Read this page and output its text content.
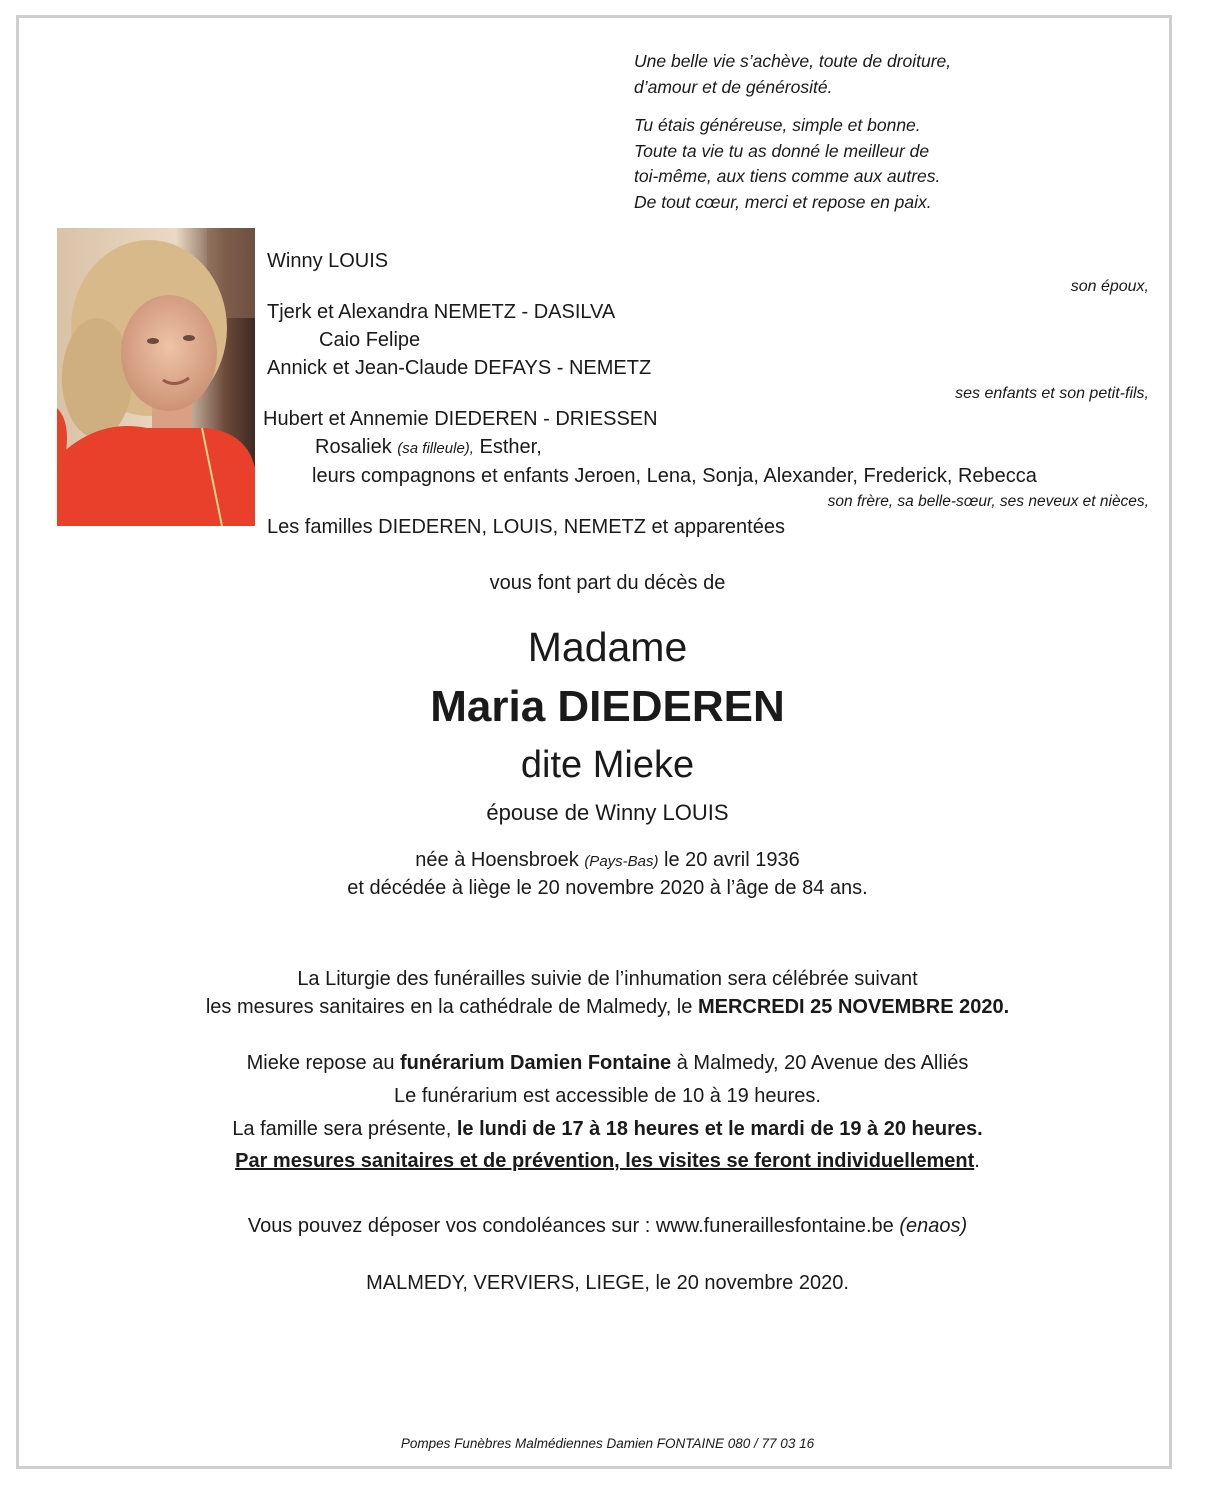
Une belle vie s’achève, toute de droiture,

d’amour et de générosité.

Tu étais généreuse, simple et bonne.

Toute ta vie tu as donné le meilleur de

toi-même, aux tiens comme aux autres.

De tout cœur, merci et repose en paix.

Winny LOUIS
son époux,
Tjerk et Alexandra NEMETZ - DASILVA
Caio Felipe
Annick et Jean-Claude DEFAYS - NEMETZ
ses enfants et son petit-fils,
Hubert et Annemie DIEDEREN - DRIESSEN
Rosaliek (sa filleule), Esther,
leurs compagnons et enfants Jeroen, Lena, Sonja, Alexander, Frederick, Rebecca
son frère, sa belle-sœur, ses neveux et nièces,
Les familles DIEDEREN, LOUIS, NEMETZ et apparentées
vous font part du décès de
Madame
Maria DIEDEREN
dite Mieke
épouse de Winny LOUIS
née à Hoensbroek (Pays-Bas) le 20 avril 1936
et décédée à liège le 20 novembre 2020 à l’âge de 84 ans.
La Liturgie des funérailles suivie de l’inhumation sera célébrée suivant
les mesures sanitaires en la cathédrale de Malmedy, le MERCREDI 25 NOVEMBRE 2020.
Mieke repose au funérarium Damien Fontaine à Malmedy, 20 Avenue des Alliés
Le funérarium est accessible de 10 à 19 heures.
La famille sera présente, le lundi de 17 à 18 heures et le mardi de 19 à 20 heures.
Par mesures sanitaires et de prévention, les visites se feront individuellement.
Vous pouvez déposer vos condoléances sur : www.funeraillesfontaine.be (enaos)
MALMEDY, VERVIERS, LIEGE, le 20 novembre 2020.
Pompes Funèbres Malmédiennes Damien FONTAINE 080 / 77 03 16
